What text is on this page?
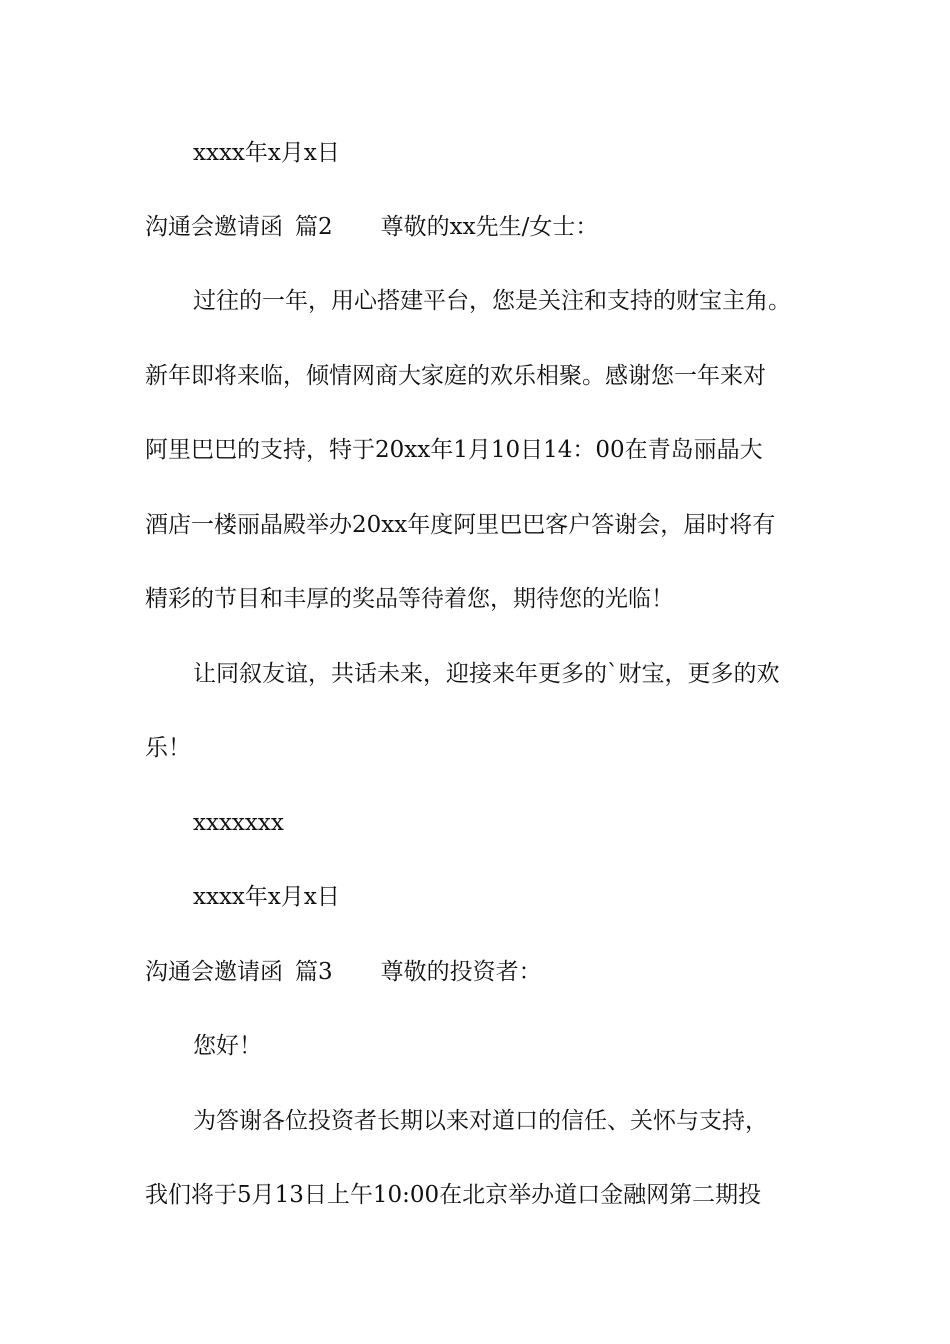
xxxx年x月x日
沟通会邀请函 篇2 尊敬的xx先生/女士：
过往的一年，用心搭建平台，您是关注和支持的财宝主角。
新年即将来临，倾情网商大家庭的欢乐相聚。感谢您一年来对
阿里巴巴的支持，特于20xx年1月10日14：00在青岛丽晶大
酒店一楼丽晶殿举办20xx年度阿里巴巴客户答谢会，届时将有
精彩的节目和丰厚的奖品等待着您，期待您的光临！
让同叙友谊，共话未来，迎接来年更多的`财宝，更多的欢
乐！
xxxxxxx
xxxx年x月x日
沟通会邀请函 篇3 尊敬的投资者：
您好！
为答谢各位投资者长期以来对道口的信任、关怀与支持，
我们将于5月13日上午10:00在北京举办道口金融网第二期投
